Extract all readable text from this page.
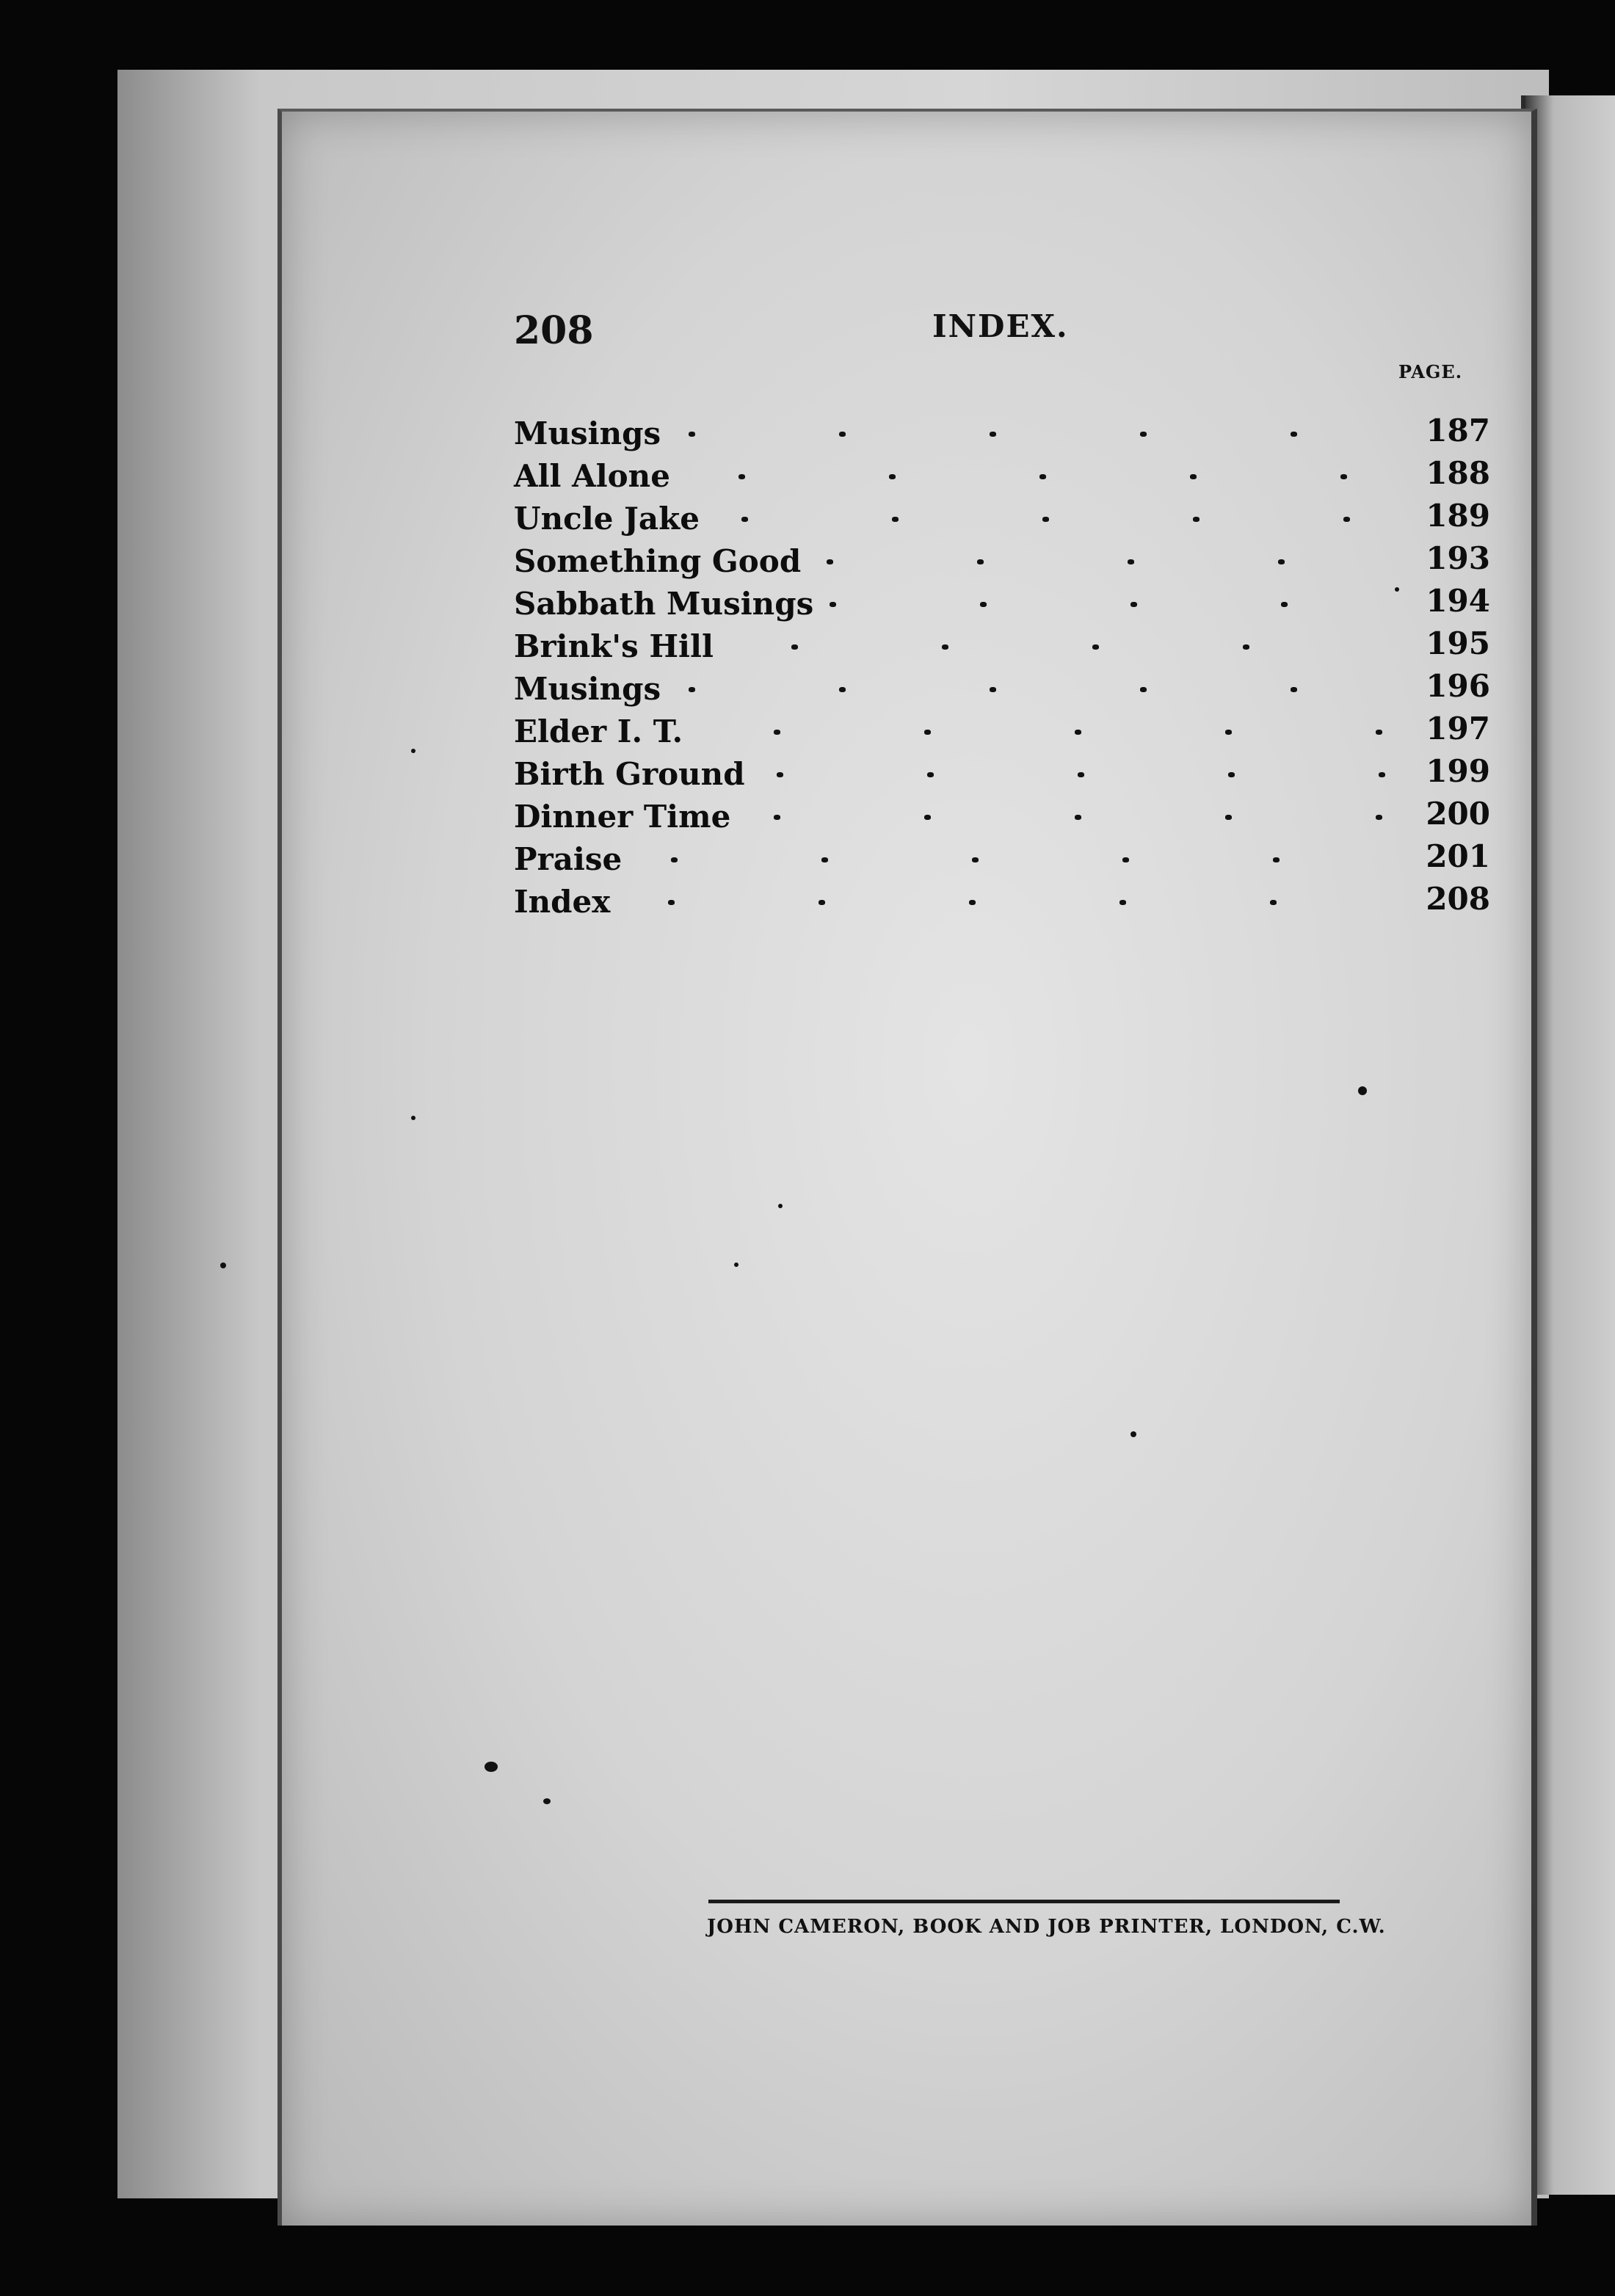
208	INDEX.
PAGE.
Musings	187
All Alone	188
Uncle Jake	189
Something Good	193
Sabbath Musings	194
Brink's Hill	195
Musings	196
Elder I. T.	197
Birth Ground	199
Dinner Time	200
Praise	201
Index	208
JOHN CAMERON, BOOK AND JOB PRINTER, LONDON, C.W.
